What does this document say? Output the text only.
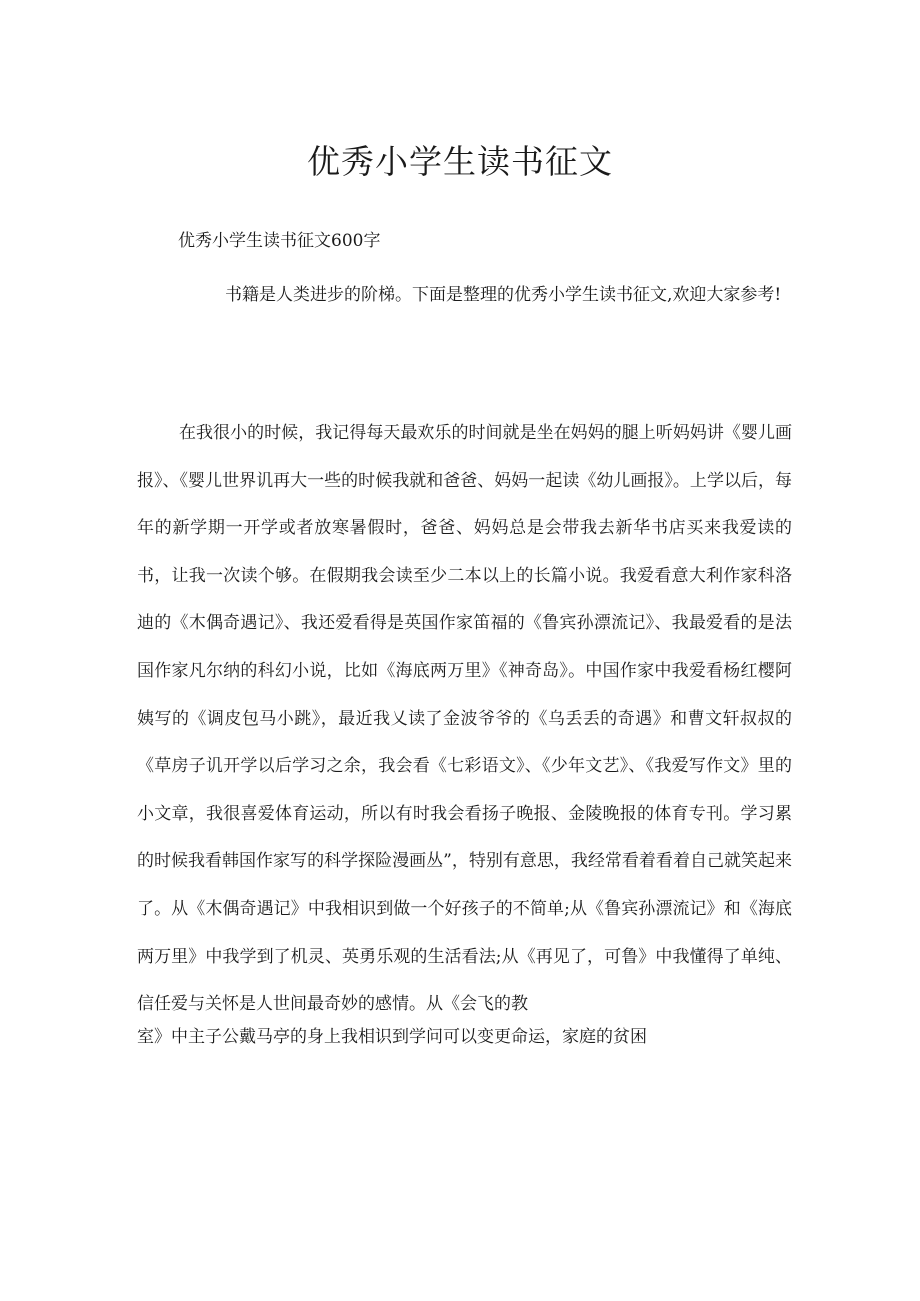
优秀小学生读书征文

优秀小学生读书征文600字

书籍是人类进步的阶梯。下面是整理的优秀小学生读书征文,欢迎大家参考!

在我很小的时候，我记得每天最欢乐的时间就是坐在妈妈的腿上听妈妈讲《婴儿画报》、《婴儿世界讥再大一些的时候我就和爸爸、妈妈一起读《幼儿画报》。上学以后，每年的新学期一开学或者放寒暑假时，爸爸、妈妈总是会带我去新华书店买来我爱读的书，让我一次读个够。在假期我会读至少二本以上的长篇小说。我爱看意大利作家科洛迪的《木偶奇遇记》、我还爱看得是英国作家笛福的《鲁宾孙漂流记》、我最爱看的是法国作家凡尔纳的科幻小说，比如《海底两万里》《神奇岛》。中国作家中我爱看杨红樱阿姨写的《调皮包马小跳》，最近我乂读了金波爷爷的《乌丢丢的奇遇》和曹文轩叔叔的《草房子讥开学以后学习之余，我会看《七彩语文》、《少年文艺》、《我爱写作文》里的小文章，我很喜爱体育运动，所以有时我会看扬子晚报、金陵晚报的体育专刊。学习累的时候我看韩国作家写的科学探险漫画丛”，特别有意思，我经常看着看着自己就笑起来了。从《木偶奇遇记》中我相识到做一个好孩子的不简单;从《鲁宾孙漂流记》和《海底两万里》中我学到了机灵、英勇乐观的生活看法;从《再见了，可鲁》中我懂得了单纯、信任爱与关怀是人世间最奇妙的感情。从《会飞的教

室》中主子公戴马亭的身上我相识到学问可以变更命运，家庭的贫困
